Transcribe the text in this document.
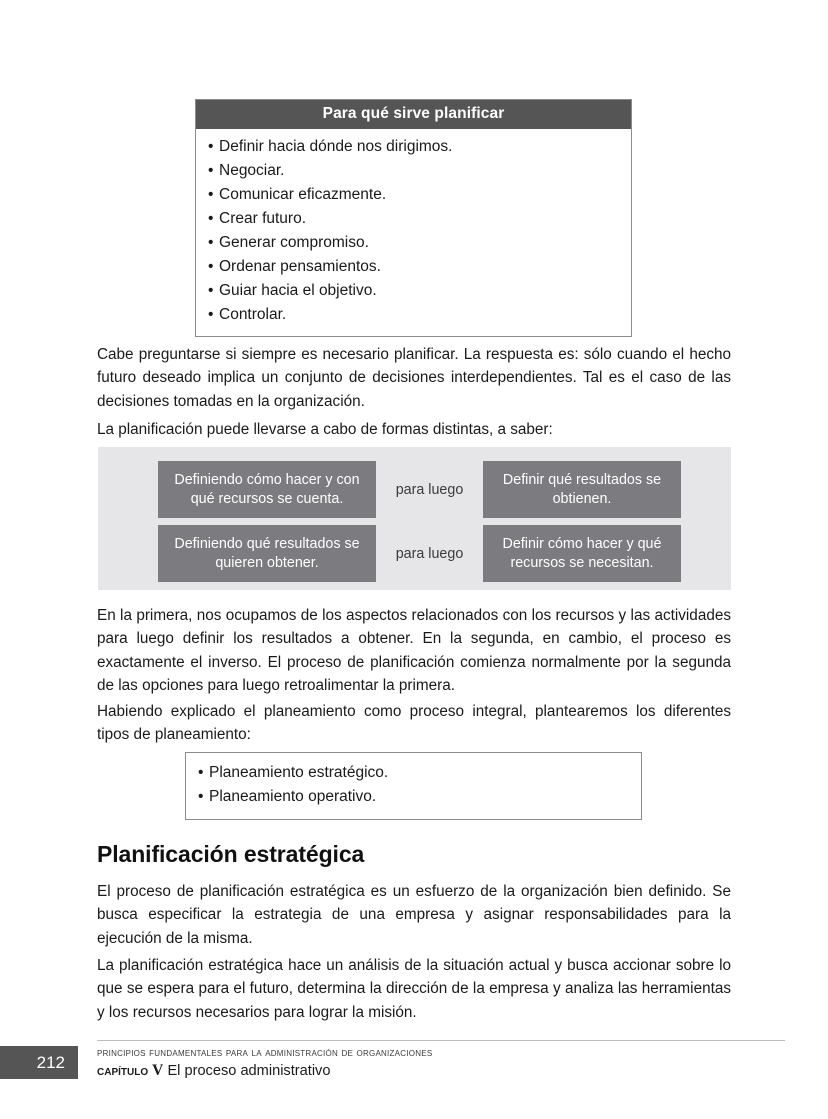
Para qué sirve planificar
• Definir hacia dónde nos dirigimos.
• Negociar.
• Comunicar eficazmente.
• Crear futuro.
• Generar compromiso.
• Ordenar pensamientos.
• Guiar hacia el objetivo.
• Controlar.

Cabe preguntarse si siempre es necesario planificar. La respuesta es: sólo cuando el hecho futuro deseado implica un conjunto de decisiones interdependientes. Tal es el caso de las decisiones tomadas en la organización.

La planificación puede llevarse a cabo de formas distintas, a saber:

Definiendo cómo hacer y con qué recursos se cuenta.
para luego
Definir qué resultados se obtienen.
Definiendo qué resultados se quieren obtener.
para luego
Definir cómo hacer y qué recursos se necesitan.

En la primera, nos ocupamos de los aspectos relacionados con los recursos y las actividades para luego definir los resultados a obtener. En la segunda, en cambio, el proceso es exactamente el inverso. El proceso de planificación comienza normalmente por la segunda de las opciones para luego retroalimentar la primera.

Habiendo explicado el planeamiento como proceso integral, plantearemos los diferentes tipos de planeamiento:

• Planeamiento estratégico.
• Planeamiento operativo.
Planificación estratégica

El proceso de planificación estratégica es un esfuerzo de la organización bien definido. Se busca especificar la estrategia de una empresa y asignar responsabilidades para la ejecución de la misma.

La planificación estratégica hace un análisis de la situación actual y busca accionar sobre lo que se espera para el futuro, determina la dirección de la empresa y analiza las herramientas y los recursos necesarios para lograr la misión.

212	principios fundamentales para la administración de organizaciones
capítulo V El proceso administrativo
